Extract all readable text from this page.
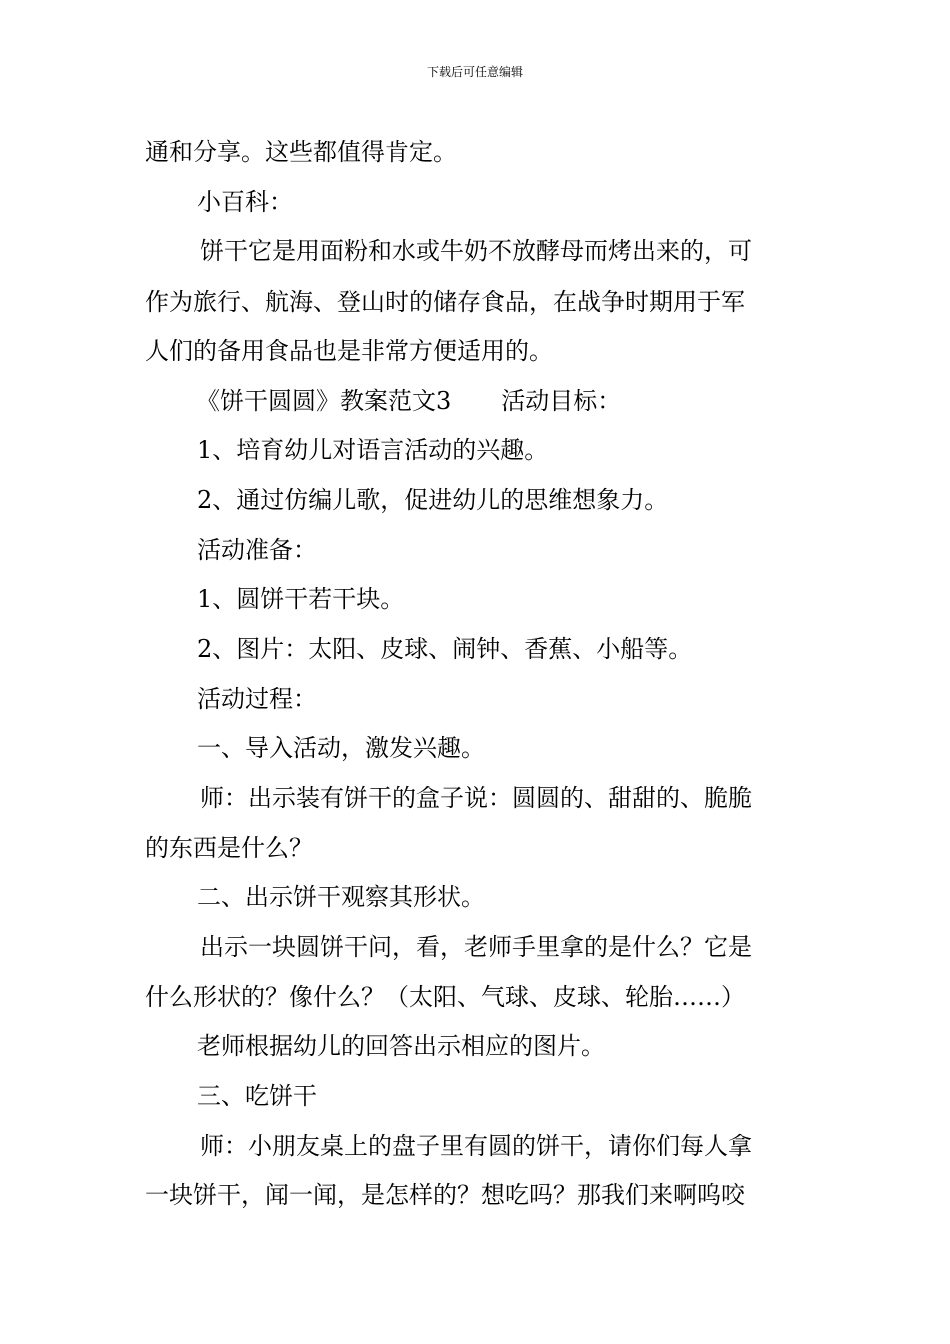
下载后可任意编辑
通和分享。这些都值得肯定。
小百科：
饼干它是用面粉和水或牛奶不放酵母而烤出来的，可
作为旅行、航海、登山时的储存食品，在战争时期用于军
人们的备用食品也是非常方便适用的。
《饼干圆圆》教案范文3 活动目标：
1、培育幼儿对语言活动的兴趣。
2、通过仿编儿歌，促进幼儿的思维想象力。
活动准备：
1、圆饼干若干块。
2、图片：太阳、皮球、闹钟、香蕉、小船等。
活动过程：
一、导入活动，激发兴趣。
师：出示装有饼干的盒子说：圆圆的、甜甜的、脆脆
的东西是什么？
二、出示饼干观察其形状。
出示一块圆饼干问，看，老师手里拿的是什么？它是
什么形状的？像什么？（太阳、气球、皮球、轮胎……）
老师根据幼儿的回答出示相应的图片。
三、吃饼干
师：小朋友桌上的盘子里有圆的饼干，请你们每人拿
一块饼干，闻一闻，是怎样的？想吃吗？那我们来啊呜咬
